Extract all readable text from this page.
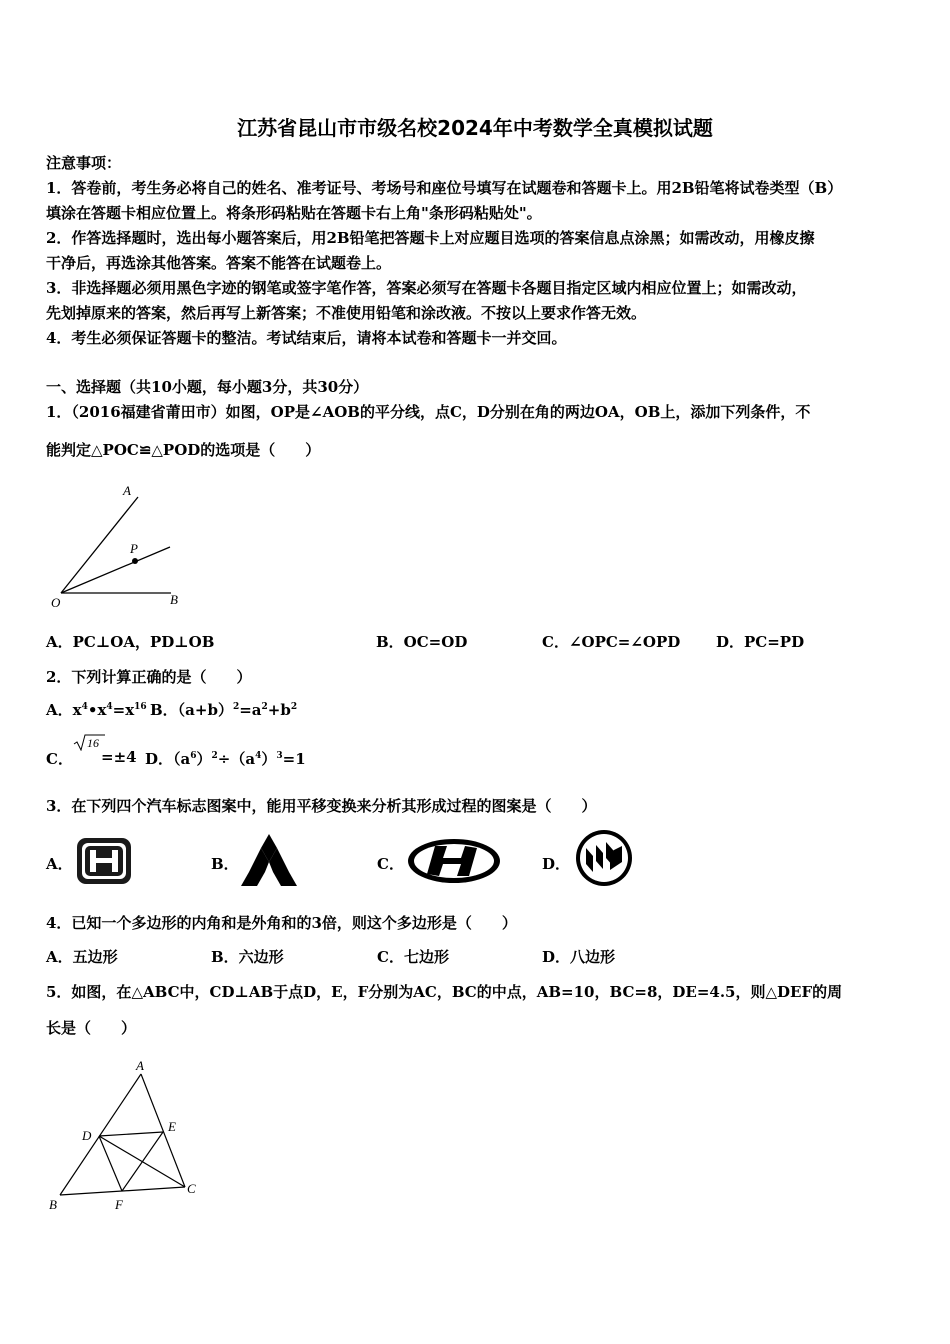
江苏省昆山市市级名校2024年中考数学全真模拟试题
注意事项：
1．答卷前，考生务必将自己的姓名、准考证号、考场号和座位号填写在试题卷和答题卡上。用2B铅笔将试卷类型（B）
填涂在答题卡相应位置上。将条形码粘贴在答题卡右上角"条形码粘贴处"。
2．作答选择题时，选出每小题答案后，用2B铅笔把答题卡上对应题目选项的答案信息点涂黑；如需改动，用橡皮擦
干净后，再选涂其他答案。答案不能答在试题卷上。
3．非选择题必须用黑色字迹的钢笔或签字笔作答，答案必须写在答题卡各题目指定区域内相应位置上；如需改动，
先划掉原来的答案，然后再写上新答案；不准使用铅笔和涂改液。不按以上要求作答无效。
4．考生必须保证答题卡的整洁。考试结束后，请将本试卷和答题卡一并交回。
一、选择题（共10小题，每小题3分，共30分）
1．（2016福建省莆田市）如图，OP是∠AOB的平分线，点C，D分别在角的两边OA，OB上，添加下列条件，不
能判定△POC≌△POD的选项是（　　）
A
P
O	B
A．PC⊥OA，PD⊥OB	B．OC=OD	C．∠OPC=∠OPD D．PC=PD
2．下列计算正确的是（　　）
A．$x^4•x^4=x^{16}$ B．$(a+b)^2=a^2+b^2$
C．
16
=±4 D．$(a^6)^2\div(a^4)^3=1$
3．在下列四个汽车标志图案中，能用平移变换来分析其形成过程的图案是（　　）
A．	B．	C．	D．
4．已知一个多边形的内角和是外角和的3倍，则这个多边形是（　　）
A．五边形	B．六边形	C．七边形	D．八边形
5．如图，在△ABC中，CD⊥AB于点D，E，F分别为AC，BC的中点，AB=10，BC=8，DE=4.5，则△DEF的周
长是（　　）
A
D
E
B	F
C
